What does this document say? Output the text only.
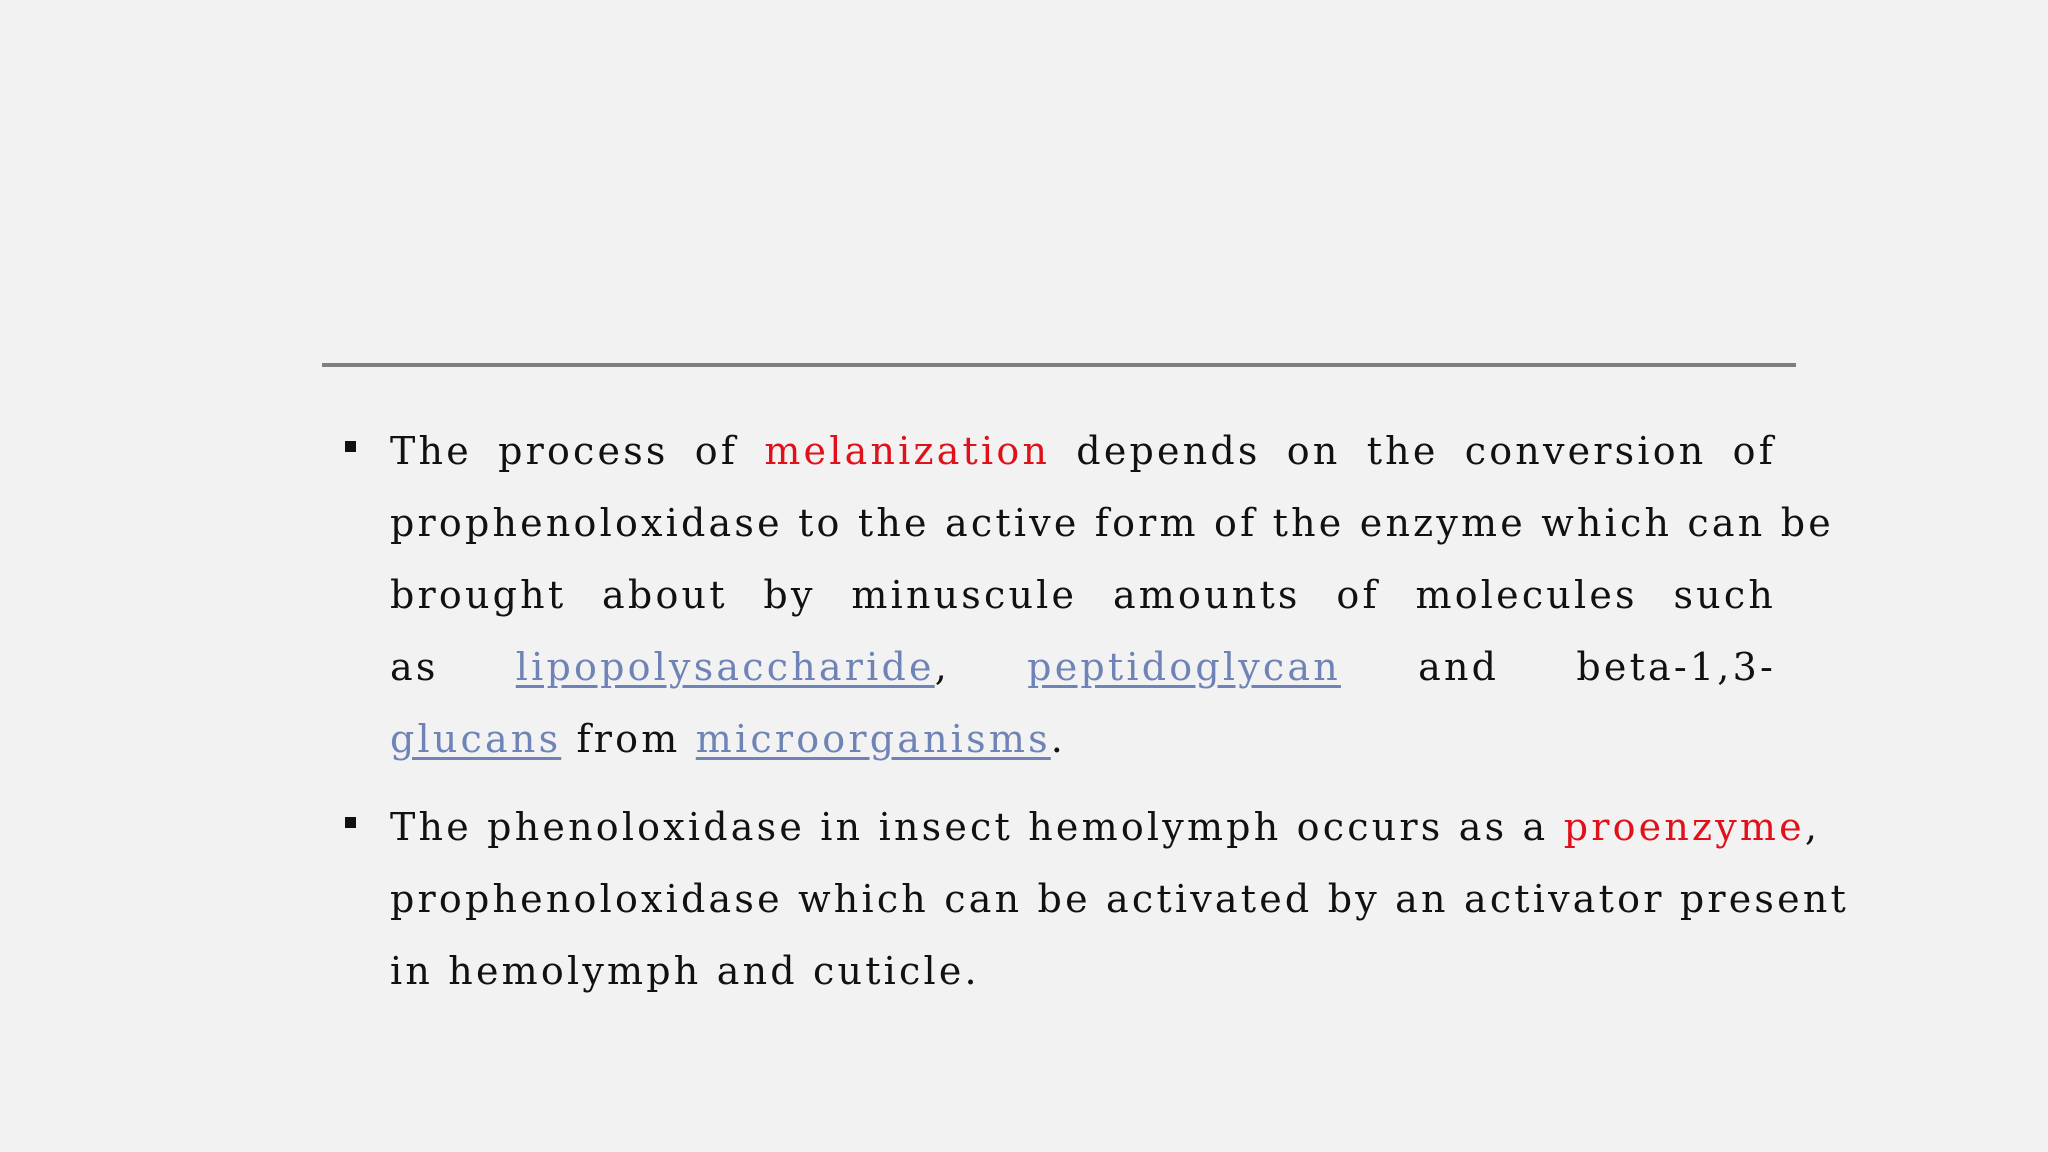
The process of melanization depends on the conversion of
prophenoloxidase to the active form of the enzyme which can be
brought about by minuscule amounts of molecules such
as lipopolysaccharide, peptidoglycan and beta-1,3-
glucans from microorganisms.
The phenoloxidase in insect hemolymph occurs as a proenzyme,
prophenoloxidase which can be activated by an activator present
in hemolymph and cuticle.
